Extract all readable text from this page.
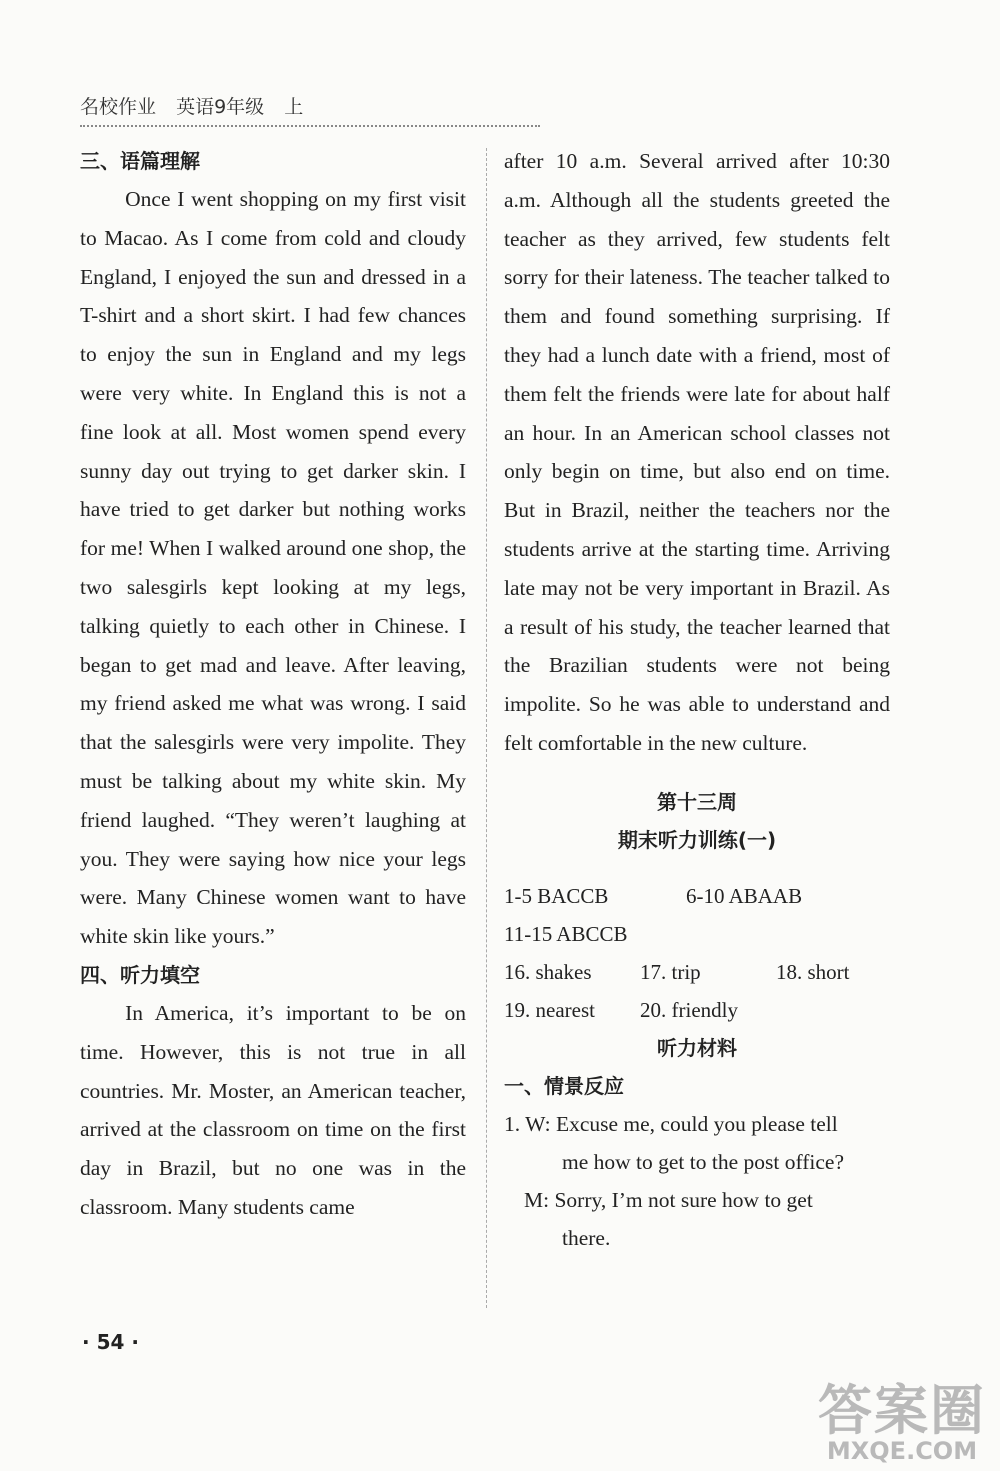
名校作业 英语9年级 上
三、语篇理解

Once I went shopping on my first visit to Macao. As I come from cold and cloudy England, I enjoyed the sun and dressed in a T-shirt and a short skirt. I had few chances to enjoy the sun in England and my legs were very white. In England this is not a fine look at all. Most women spend every sunny day out trying to get darker skin. I have tried to get darker but nothing works for me! When I walked around one shop, the two salesgirls kept looking at my legs, talking quietly to each other in Chinese. I began to get mad and leave. After leaving, my friend asked me what was wrong. I said that the salesgirls were very impolite. They must be talking about my white skin. My friend laughed. “They weren’t laughing at you. They were saying how nice your legs were. Many Chinese women want to have white skin like yours.”

四、听力填空

In America, it’s important to be on time. However, this is not true in all countries. Mr. Moster, an American teacher, arrived at the classroom on time on the first day in Brazil, but no one was in the classroom. Many students came

after 10 a.m. Several arrived after 10:30 a.m. Although all the students greeted the teacher as they arrived, few students felt sorry for their lateness. The teacher talked to them and found something surprising. If they had a lunch date with a friend, most of them felt the friends were late for about half an hour. In an American school classes not only begin on time, but also end on time. But in Brazil, neither the teachers nor the students arrive at the starting time. Arriving late may not be very important in Brazil. As a result of his study, the teacher learned that the Brazilian students were not being impolite. So he was able to understand and felt comfortable in the new culture.

第十三周
期末听力训练(一)
1-5 BACCB	6-10 ABAAB
11-15 ABCCB
16. shakes	17. trip	18. short
19. nearest	20. friendly
听力材料
一、情景反应
1. W: Excuse me, could you please tell
me how to get to the post office?
M: Sorry, I’m not sure how to get
there.
· 54 ·
答案圈
MXQE.COM
